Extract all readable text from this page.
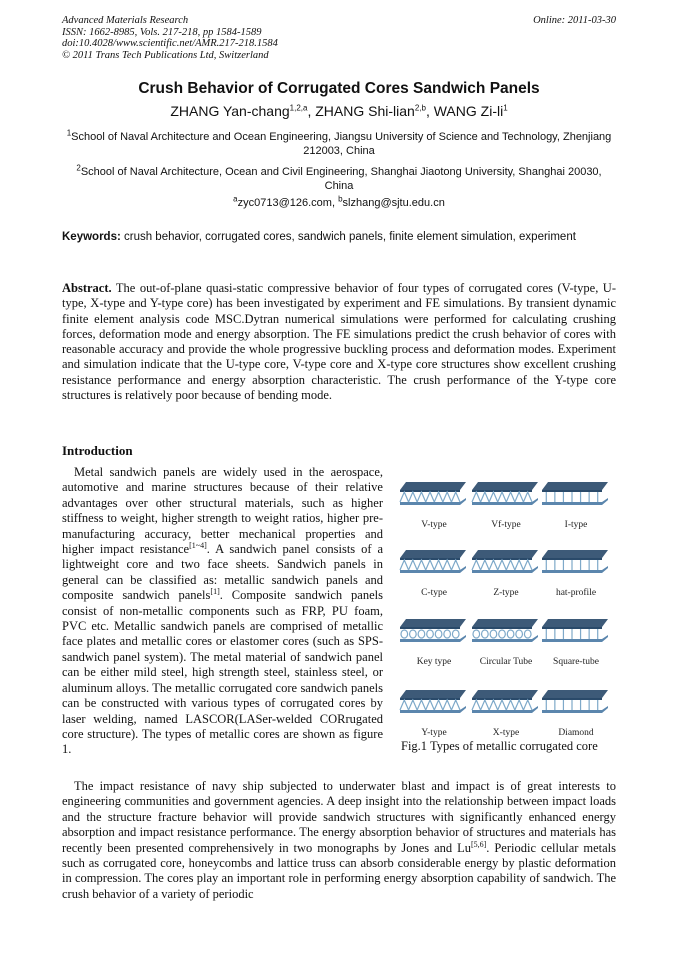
Advanced Materials Research
ISSN: 1662-8985, Vols. 217-218, pp 1584-1589
doi:10.4028/www.scientific.net/AMR.217-218.1584
© 2011 Trans Tech Publications Ltd, Switzerland
Online: 2011-03-30
Crush Behavior of Corrugated Cores Sandwich Panels
ZHANG Yan-chang$^{1,2,a}$, ZHANG Shi-lian$^{2,b}$, WANG $Zi-li^1$
$^1$School of Naval Architecture and Ocean Engineering, Jiangsu University of Science and Technology, Zhenjiang 212003, China
$^2$School of Naval Architecture, Ocean and Civil Engineering, Shanghai Jiaotong University, Shanghai 20030, China
$^a$zyc0713@126.com, $^b$slzhang@sjtu.edu.cn
Keywords: crush behavior, corrugated cores, sandwich panels, finite element simulation, experiment
Abstract. The out-of-plane quasi-static compressive behavior of four types of corrugated cores (V-type, U-type, X-type and Y-type core) has been investigated by experiment and FE simulations. By transient dynamic finite element analysis code MSC.Dytran numerical simulations were performed for calculating crushing forces, deformation mode and energy absorption. The FE simulations predict the crush behavior of cores with reasonable accuracy and provide the whole progressive buckling process and deformation modes. Experiment and simulation indicate that the U-type core, V-type core and X-type core structures show excellent crushing resistance performance and energy absorption characteristic. The crush performance of the Y-type core structures is relatively poor because of bending mode.
Introduction
Metal sandwich panels are widely used in the aerospace, automotive and marine structures because of their relative advantages over other structural materials, such as higher stiffness to weight, higher strength to weight ratios, higher pre-manufacturing accuracy, better mechanical properties and higher impact resistance[1~4]. A sandwich panel consists of a lightweight core and two face sheets. Sandwich panels in general can be classified as: metallic sandwich panels and composite sandwich panels[1]. Composite sandwich panels consist of non-metallic components such as FRP, PU foam, PVC etc. Metallic sandwich panels are comprised of metallic face plates and metallic cores or elastomer cores (such as SPS-sandwich panel system). The metal material of sandwich panel can be either mild steel, high strength steel, stainless steel, or aluminum alloys. The metallic corrugated core sandwich panels can be constructed with various types of corrugated cores by laser welding, named LASCOR(LASer-welded CORrugated core structure). The types of metallic cores are shown as figure 1.
V-type	Vf-type	I-type
C-type	Z-type	hat-profile
Key type	Circular Tube	Square-tube
Y-type	X-type	Diamond
Fig.1 Types of metallic corrugated core
The impact resistance of navy ship subjected to underwater blast and impact is of great interests to engineering communities and government agencies. A deep insight into the relationship between impact loads and the structure fracture behavior will provide sandwich structures with significantly enhanced energy absorption and impact resistance performance. The energy absorption behavior of structures and materials has recently been presented comprehensively in two monographs by Jones and Lu[5,6]. Periodic cellular metals such as corrugated core, honeycombs and lattice truss can absorb considerable energy by plastic deformation in compression. The cores play an important role in performing energy absorption capability of sandwich. The crush behavior of a variety of periodic
